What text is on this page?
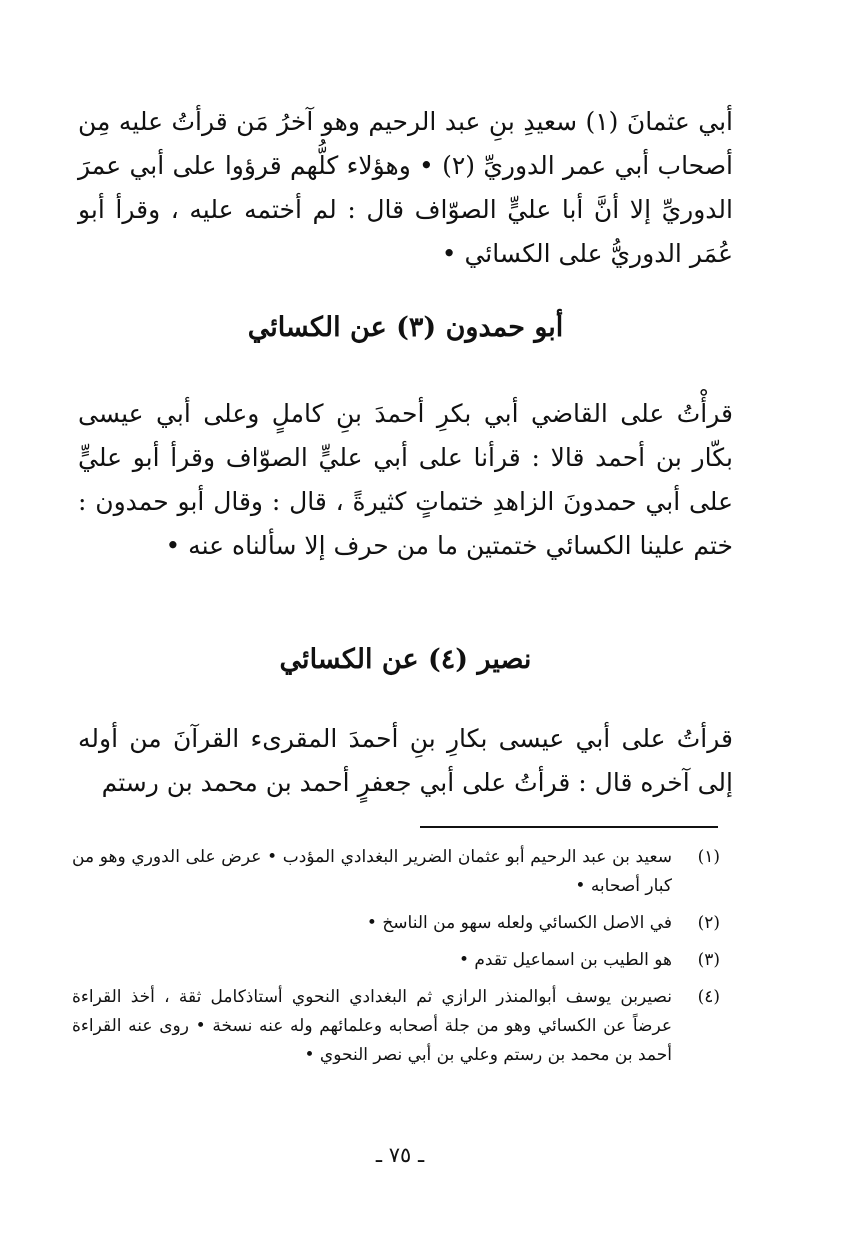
أبي عثمانَ (١) سعيدِ بنِ عبد الرحيم وهو آخرُ مَن قرأتُ عليه مِن أصحاب أبي عمر الدوريِّ (٢) • وهؤلاء كلُّهم قرؤوا على أبي عمرَ الدوريِّ إلا أنَّ أبا عليٍّ الصوّاف قال : لم أختمه عليه ، وقرأ أبو عُمَر الدوريُّ على الكسائي •

أبو حمدون (٣) عن الكسائي

قرأْتُ على القاضي أبي بكرِ أحمدَ بنِ كاملٍ وعلى أبي عيسى بكّار بن أحمد قالا : قرأنا على أبي عليٍّ الصوّاف وقرأ أبو عليٍّ على أبي حمدونَ الزاهدِ ختماتٍ كثيرةً ، قال : وقال أبو حمدون : ختم علينا الكسائي ختمتين ما من حرف إلا سألناه عنه •

نصير (٤) عن الكسائي

قرأتُ على أبي عيسى بكارِ بنِ أحمدَ المقرىء القرآنَ من أوله إلى آخره قال : قرأتُ على أبي جعفرٍ أحمد بن محمد بن رستم

(١)
سعيد بن عبد الرحيم أبو عثمان الضرير البغدادي المؤدب • عرض على الدوري وهو من كبار أصحابه •
(٢)
في الاصل الكسائي ولعله سهو من الناسخ •
(٣)
هو الطيب بن اسماعيل تقدم •
(٤)
نصيربن يوسف أبوالمنذر الرازي ثم البغدادي النحوي أستاذكامل ثقة ، أخذ القراءة عرضاً عن الكسائي وهو من جلة أصحابه وعلمائهم وله عنه نسخة • روى عنه القراءة أحمد بن محمد بن رستم وعلي بن أبي نصر النحوي •
ـ ٧٥ ـ
